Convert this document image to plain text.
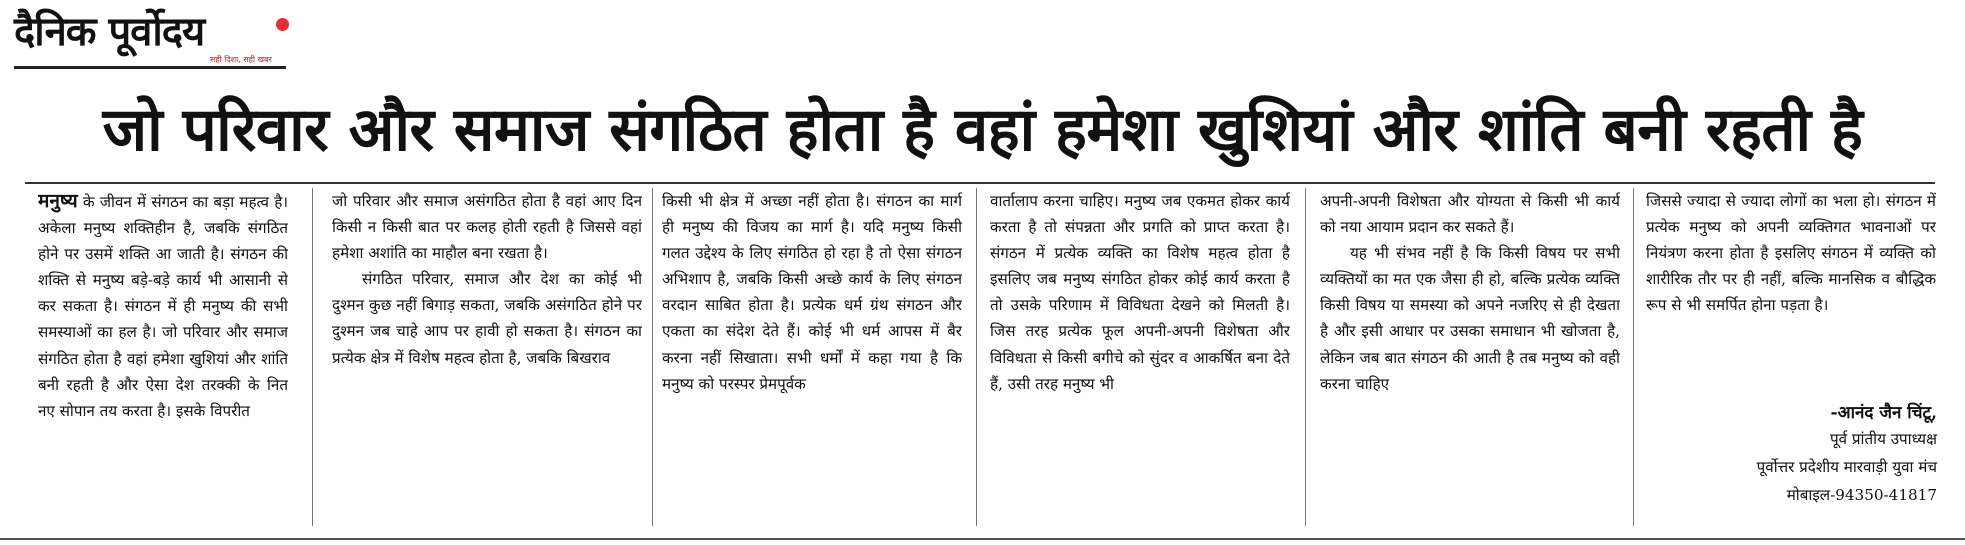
दैनिक पूर्वोदय
सही दिशा, सही खबर
जो परिवार और समाज संगठित होता है वहां हमेशा खुशियां और शांति बनी रहती है

मनुष्य के जीवन में संगठन का बड़ा महत्व है। अकेला मनुष्य शक्तिहीन है, जबकि संगठित होने पर उसमें शक्ति आ जाती है। संगठन की शक्ति से मनुष्य बड़े-बड़े कार्य भी आसानी से कर सकता है। संगठन में ही मनुष्य की सभी समस्याओं का हल है। जो परिवार और समाज संगठित होता है वहां हमेशा खुशियां और शांति बनी रहती है और ऐसा देश तरक्की के नित नए सोपान तय करता है। इसके विपरीत

जो परिवार और समाज असंगठित होता है वहां आए दिन किसी न किसी बात पर कलह होती रहती है जिससे वहां हमेशा अशांति का माहौल बना रखता है।

संगठित परिवार, समाज और देश का कोई भी दुश्मन कुछ नहीं बिगाड़ सकता, जबकि असंगठित होने पर दुश्मन जब चाहे आप पर हावी हो सकता है। संगठन का प्रत्येक क्षेत्र में विशेष महत्व होता है, जबकि बिखराव

किसी भी क्षेत्र में अच्छा नहीं होता है। संगठन का मार्ग ही मनुष्य की विजय का मार्ग है। यदि मनुष्य किसी गलत उद्देश्य के लिए संगठित हो रहा है तो ऐसा संगठन अभिशाप है, जबकि किसी अच्छे कार्य के लिए संगठन वरदान साबित होता है। प्रत्येक धर्म ग्रंथ संगठन और एकता का संदेश देते हैं। कोई भी धर्म आपस में बैर करना नहीं सिखाता। सभी धर्मों में कहा गया है कि मनुष्य को परस्पर प्रेमपूर्वक

वार्तालाप करना चाहिए। मनुष्य जब एकमत होकर कार्य करता है तो संपन्नता और प्रगति को प्राप्त करता है। संगठन में प्रत्येक व्यक्ति का विशेष महत्व होता है इसलिए जब मनुष्य संगठित होकर कोई कार्य करता है तो उसके परिणाम में विविधता देखने को मिलती है। जिस तरह प्रत्येक फूल अपनी-अपनी विशेषता और विविधता से किसी बगीचे को सुंदर व आकर्षित बना देते हैं, उसी तरह मनुष्य भी

अपनी-अपनी विशेषता और योग्यता से किसी भी कार्य को नया आयाम प्रदान कर सकते हैं।

यह भी संभव नहीं है कि किसी विषय पर सभी व्यक्तियों का मत एक जैसा ही हो, बल्कि प्रत्येक व्यक्ति किसी विषय या समस्या को अपने नजरिए से ही देखता है और इसी आधार पर उसका समाधान भी खोजता है, लेकिन जब बात संगठन की आती है तब मनुष्य को वही करना चाहिए

जिससे ज्यादा से ज्यादा लोगों का भला हो। संगठन में प्रत्येक मनुष्य को अपनी व्यक्तिगत भावनाओं पर नियंत्रण करना होता है इसलिए संगठन में व्यक्ति को शारीरिक तौर पर ही नहीं, बल्कि मानसिक व बौद्धिक रूप से भी समर्पित होना पड़ता है।

-आनंद जैन चिंटू,
पूर्व प्रांतीय उपाध्यक्ष
पूर्वोत्तर प्रदेशीय मारवाड़ी युवा मंच
मोबाइल-94350-41817
